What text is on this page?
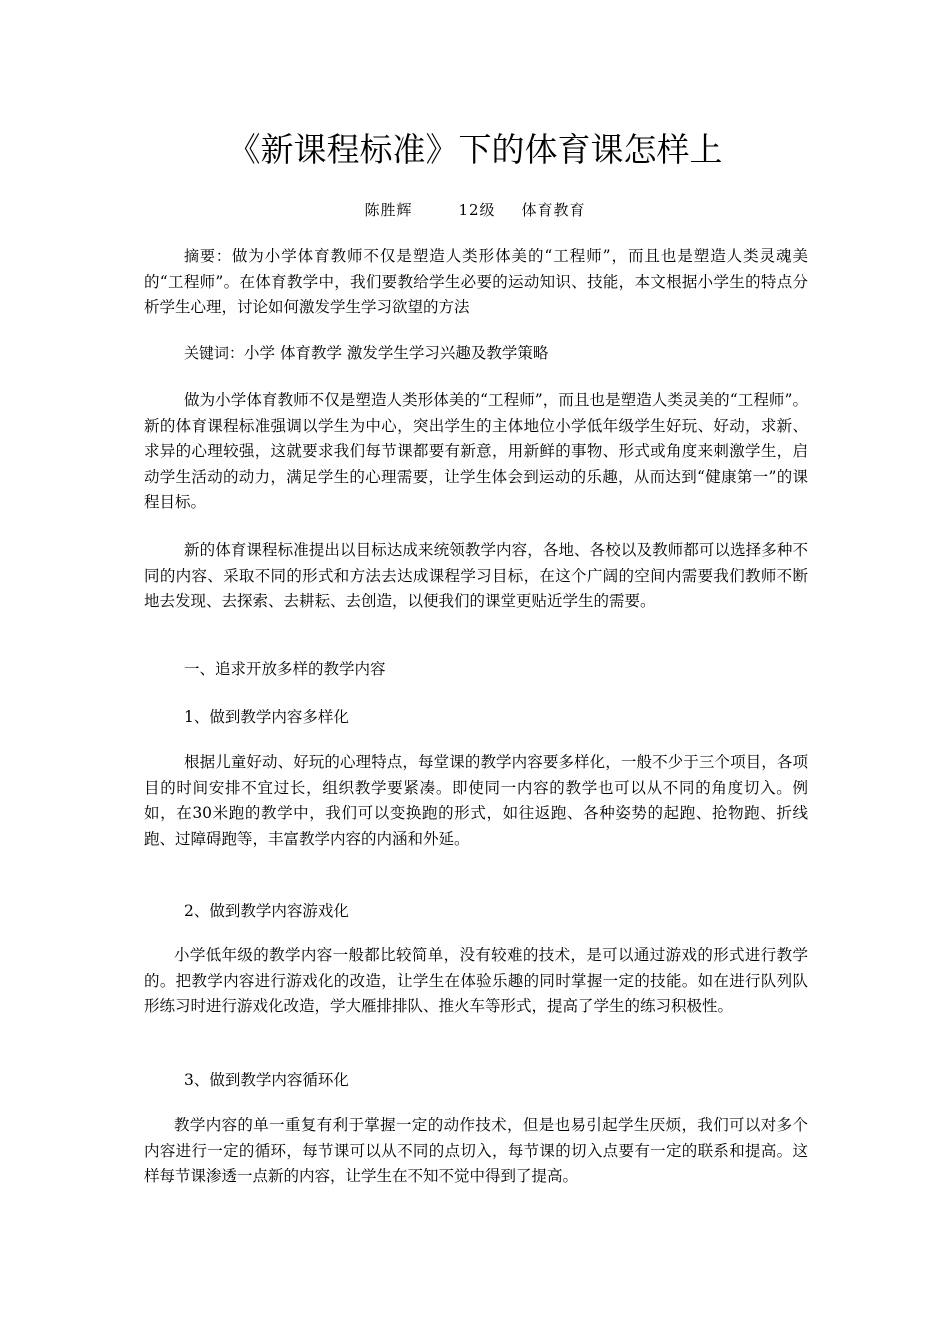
《新课程标准》下的体育课怎样上
陈胜辉	12级 体育教育

摘要：做为小学体育教师不仅是塑造人类形体美的“工程师”，而且也是塑造人类灵魂美的“工程师”。在体育教学中，我们要教给学生必要的运动知识、技能，本文根据小学生的特点分析学生心理，讨论如何激发学生学习欲望的方法

关键词：小学 体育教学 激发学生学习兴趣及教学策略

做为小学体育教师不仅是塑造人类形体美的“工程师”，而且也是塑造人类灵美的“工程师”。新的体育课程标准强调以学生为中心，突出学生的主体地位小学低年级学生好玩、好动，求新、求异的心理较强，这就要求我们每节课都要有新意，用新鲜的事物、形式或角度来刺激学生，启动学生活动的动力，满足学生的心理需要，让学生体会到运动的乐趣，从而达到“健康第一”的课程目标。

新的体育课程标准提出以目标达成来统领教学内容，各地、各校以及教师都可以选择多种不同的内容、采取不同的形式和方法去达成课程学习目标，在这个广阔的空间内需要我们教师不断地去发现、去探索、去耕耘、去创造，以便我们的课堂更贴近学生的需要。

一、追求开放多样的教学内容

1、做到教学内容多样化

根据儿童好动、好玩的心理特点，每堂课的教学内容要多样化，一般不少于三个项目，各项目的时间安排不宜过长，组织教学要紧凑。即使同一内容的教学也可以从不同的角度切入。例如，在30米跑的教学中，我们可以变换跑的形式，如往返跑、各种姿势的起跑、抢物跑、折线跑、过障碍跑等，丰富教学内容的内涵和外延。

2、做到教学内容游戏化

小学低年级的教学内容一般都比较简单，没有较难的技术，是可以通过游戏的形式进行教学的。把教学内容进行游戏化的改造，让学生在体验乐趣的同时掌握一定的技能。如在进行队列队形练习时进行游戏化改造，学大雁排排队、推火车等形式，提高了学生的练习积极性。

3、做到教学内容循环化

教学内容的单一重复有利于掌握一定的动作技术，但是也易引起学生厌烦，我们可以对多个内容进行一定的循环，每节课可以从不同的点切入，每节课的切入点要有一定的联系和提高。这样每节课渗透一点新的内容，让学生在不知不觉中得到了提高。
